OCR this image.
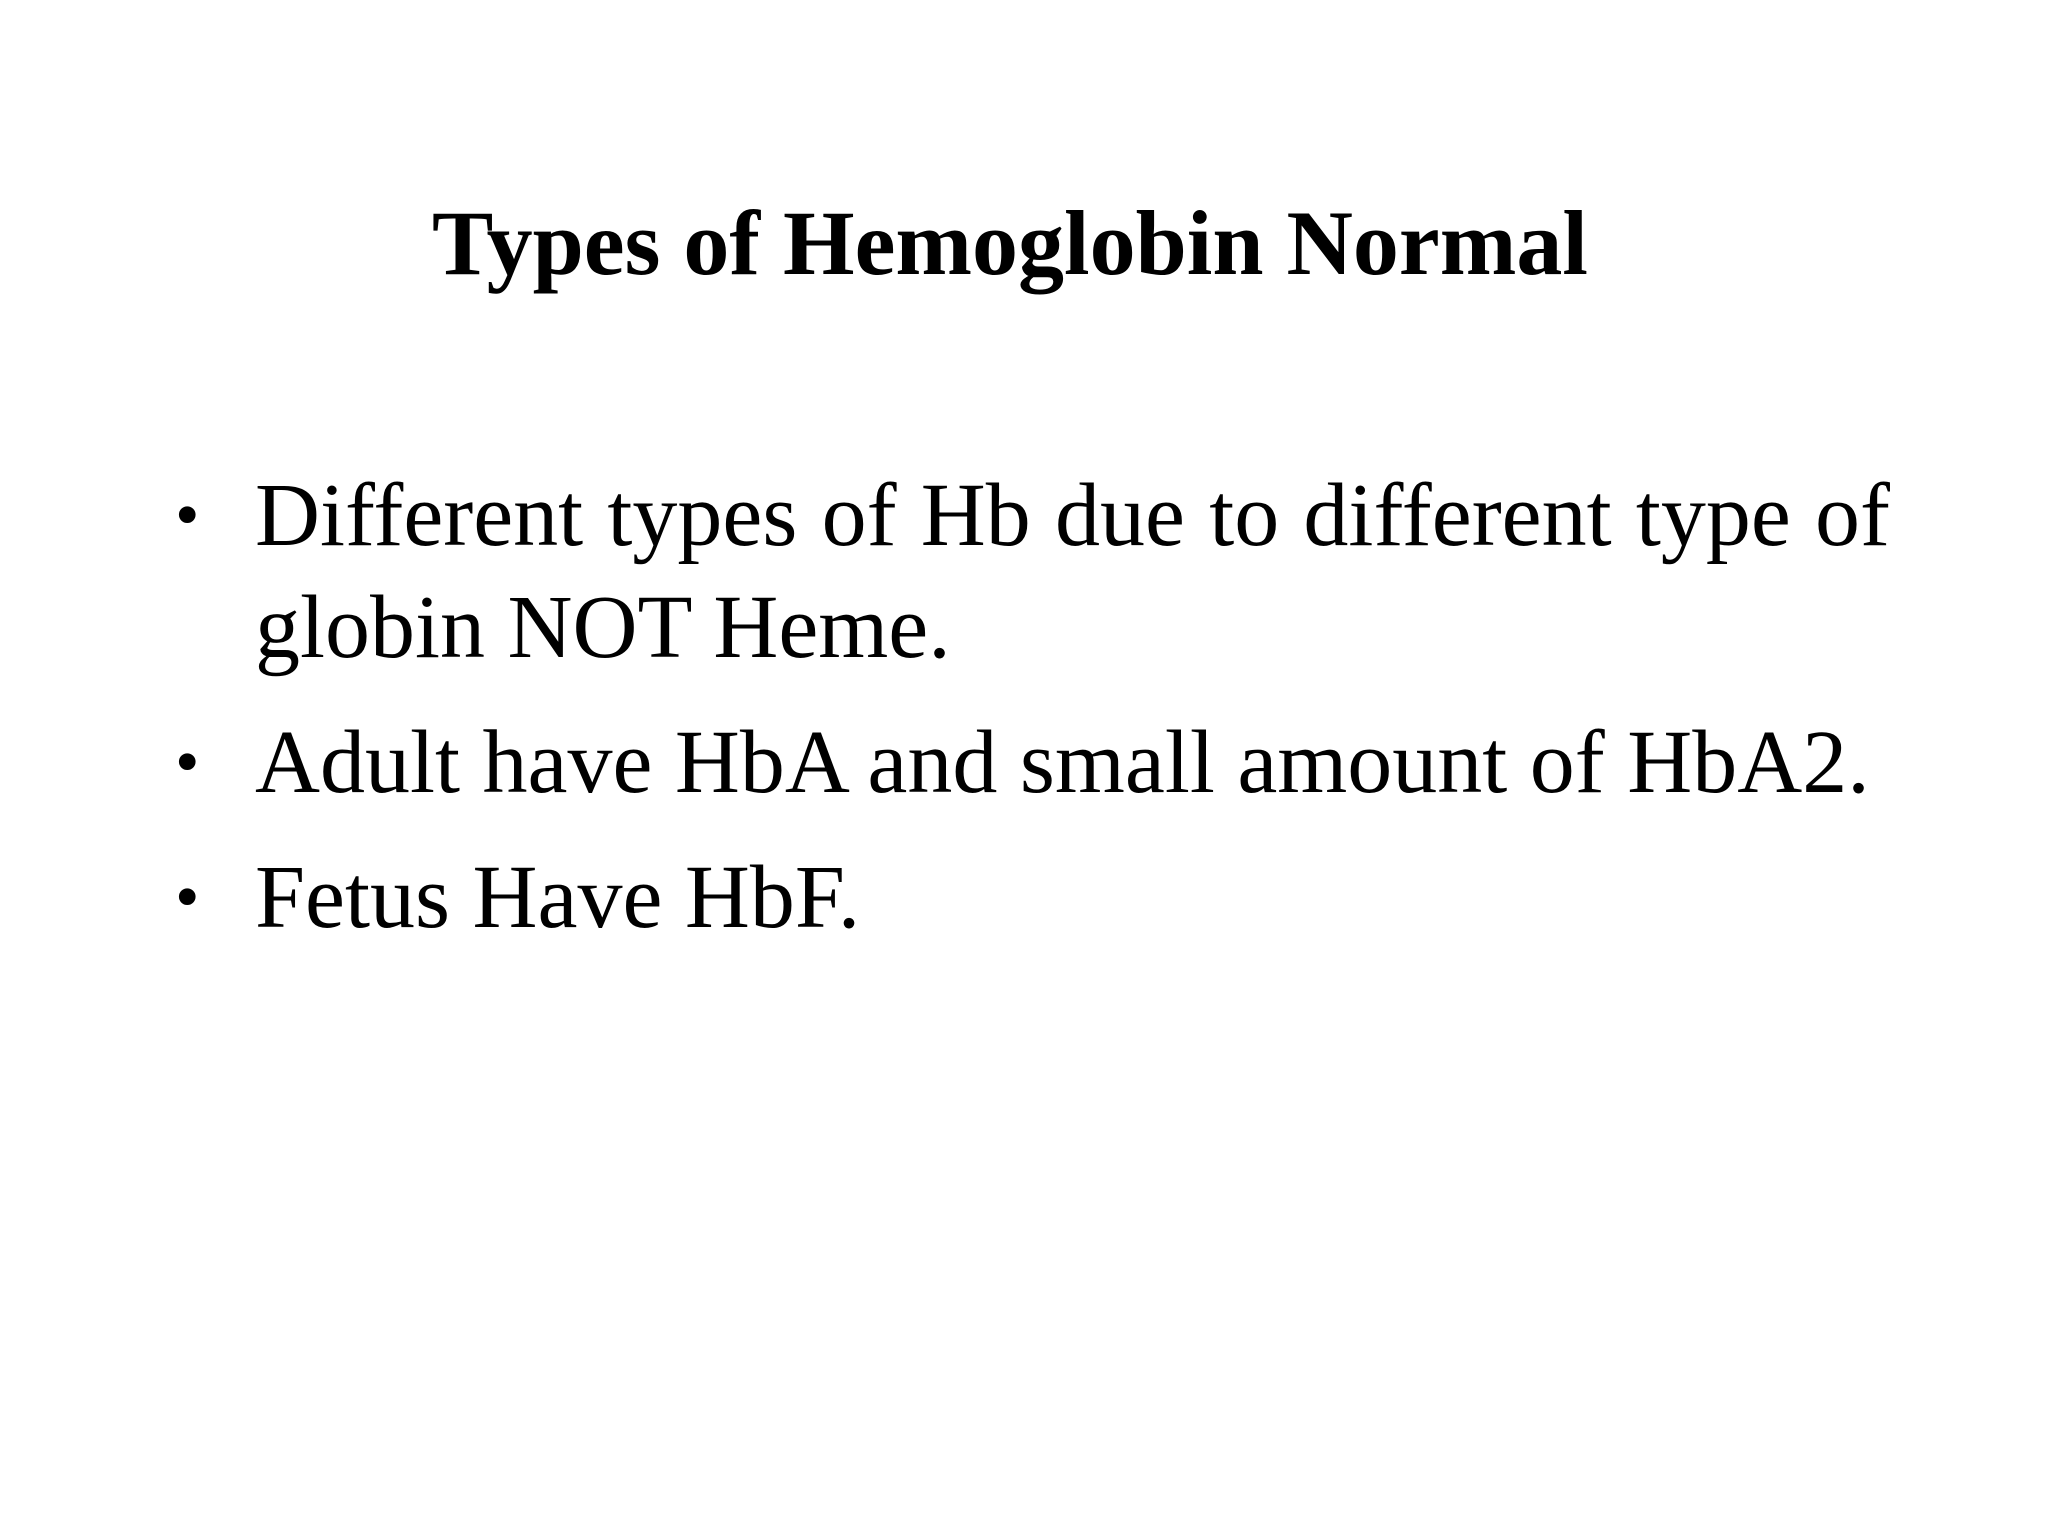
Types of Hemoglobin Normal
• Different types of Hb due to different type of globin NOT Heme.
• Adult have HbA and small amount of HbA2.
• Fetus Have HbF.
